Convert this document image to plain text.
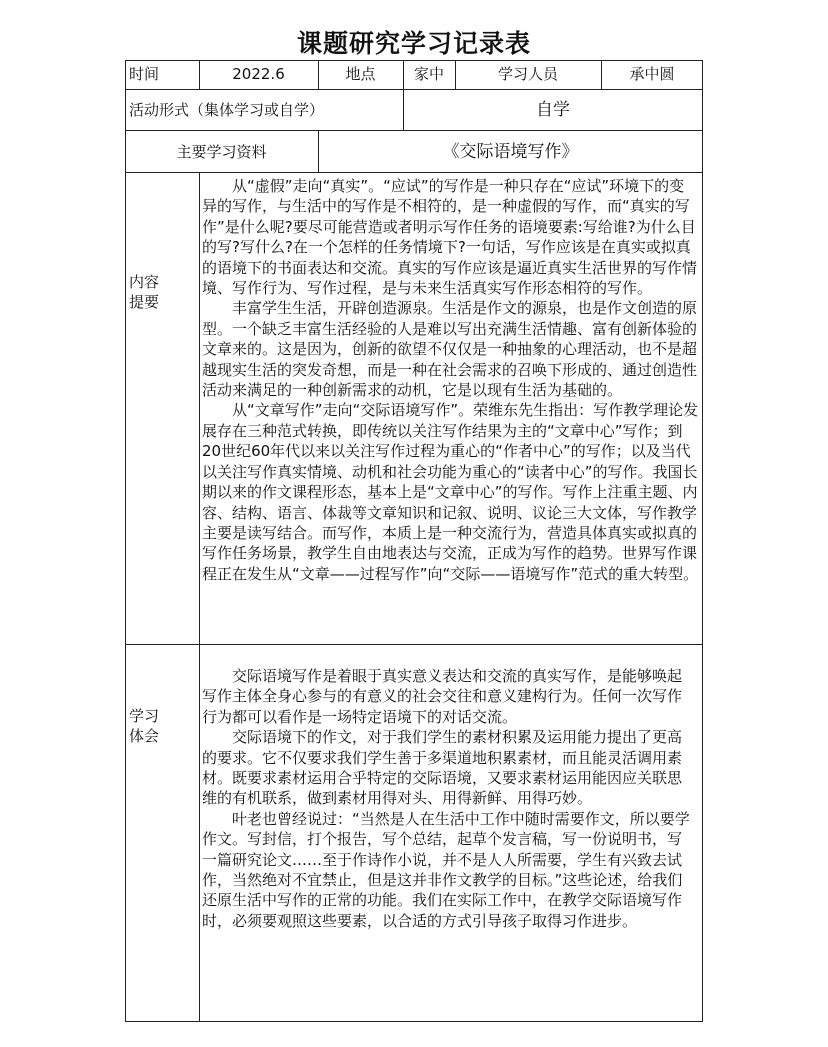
课题研究学习记录表
时间	2022.6	地点	家中	学习人员	承中圆
活动形式（集体学习或自学）	自学
主要学习资料	《交际语境写作》
内容
提要

从“虚假”走向“真实”。“应试”的写作是一种只存在“应试”环境下的变异的写作，与生活中的写作是不相符的，是一种虚假的写作，而“真实的写作”是什么呢?要尽可能营造或者明示写作任务的语境要素:写给谁?为什么目的写?写什么?在一个怎样的任务情境下?一句话，写作应该是在真实或拟真的语境下的书面表达和交流。真实的写作应该是逼近真实生活世界的写作情境、写作行为、写作过程，是与未来生活真实写作形态相符的写作。

丰富学生生活，开辟创造源泉。生活是作文的源泉，也是作文创造的原型。一个缺乏丰富生活经验的人是难以写出充满生活情趣、富有创新体验的文章来的。这是因为，创新的欲望不仅仅是一种抽象的心理活动，也不是超越现实生活的突发奇想，而是一种在社会需求的召唤下形成的、通过创造性活动来满足的一种创新需求的动机，它是以现有生活为基础的。

从“文章写作”走向“交际语境写作”。荣维东先生指出：写作教学理论发展存在三种范式转换，即传统以关注写作结果为主的“文章中心”写作；到20世纪60年代以来以关注写作过程为重心的“作者中心”的写作；以及当代以关注写作真实情境、动机和社会功能为重心的“读者中心”的写作。我国长期以来的作文课程形态，基本上是“文章中心”的写作。写作上注重主题、内容、结构、语言、体裁等文章知识和记叙、说明、议论三大文体，写作教学主要是读写结合。而写作，本质上是一种交流行为，营造具体真实或拟真的写作任务场景，教学生自由地表达与交流，正成为写作的趋势。世界写作课程正在发生从“文章——过程写作”向“交际——语境写作”范式的重大转型。

学习
体会

交际语境写作是着眼于真实意义表达和交流的真实写作，是能够唤起写作主体全身心参与的有意义的社会交往和意义建构行为。任何一次写作行为都可以看作是一场特定语境下的对话交流。

交际语境下的作文，对于我们学生的素材积累及运用能力提出了更高的要求。它不仅要求我们学生善于多渠道地积累素材，而且能灵活调用素材。既要求素材运用合乎特定的交际语境，又要求素材运用能因应关联思维的有机联系，做到素材用得对头、用得新鲜、用得巧妙。

叶老也曾经说过：“当然是人在生活中工作中随时需要作文，所以要学作文。写封信，打个报告，写个总结，起草个发言稿，写一份说明书，写一篇研究论文……至于作诗作小说，并不是人人所需要，学生有兴致去试作，当然绝对不宜禁止，但是这并非作文教学的目标。”这些论述，给我们还原生活中写作的正常的功能。我们在实际工作中，在教学交际语境写作时，必须要观照这些要素，以合适的方式引导孩子取得习作进步。
